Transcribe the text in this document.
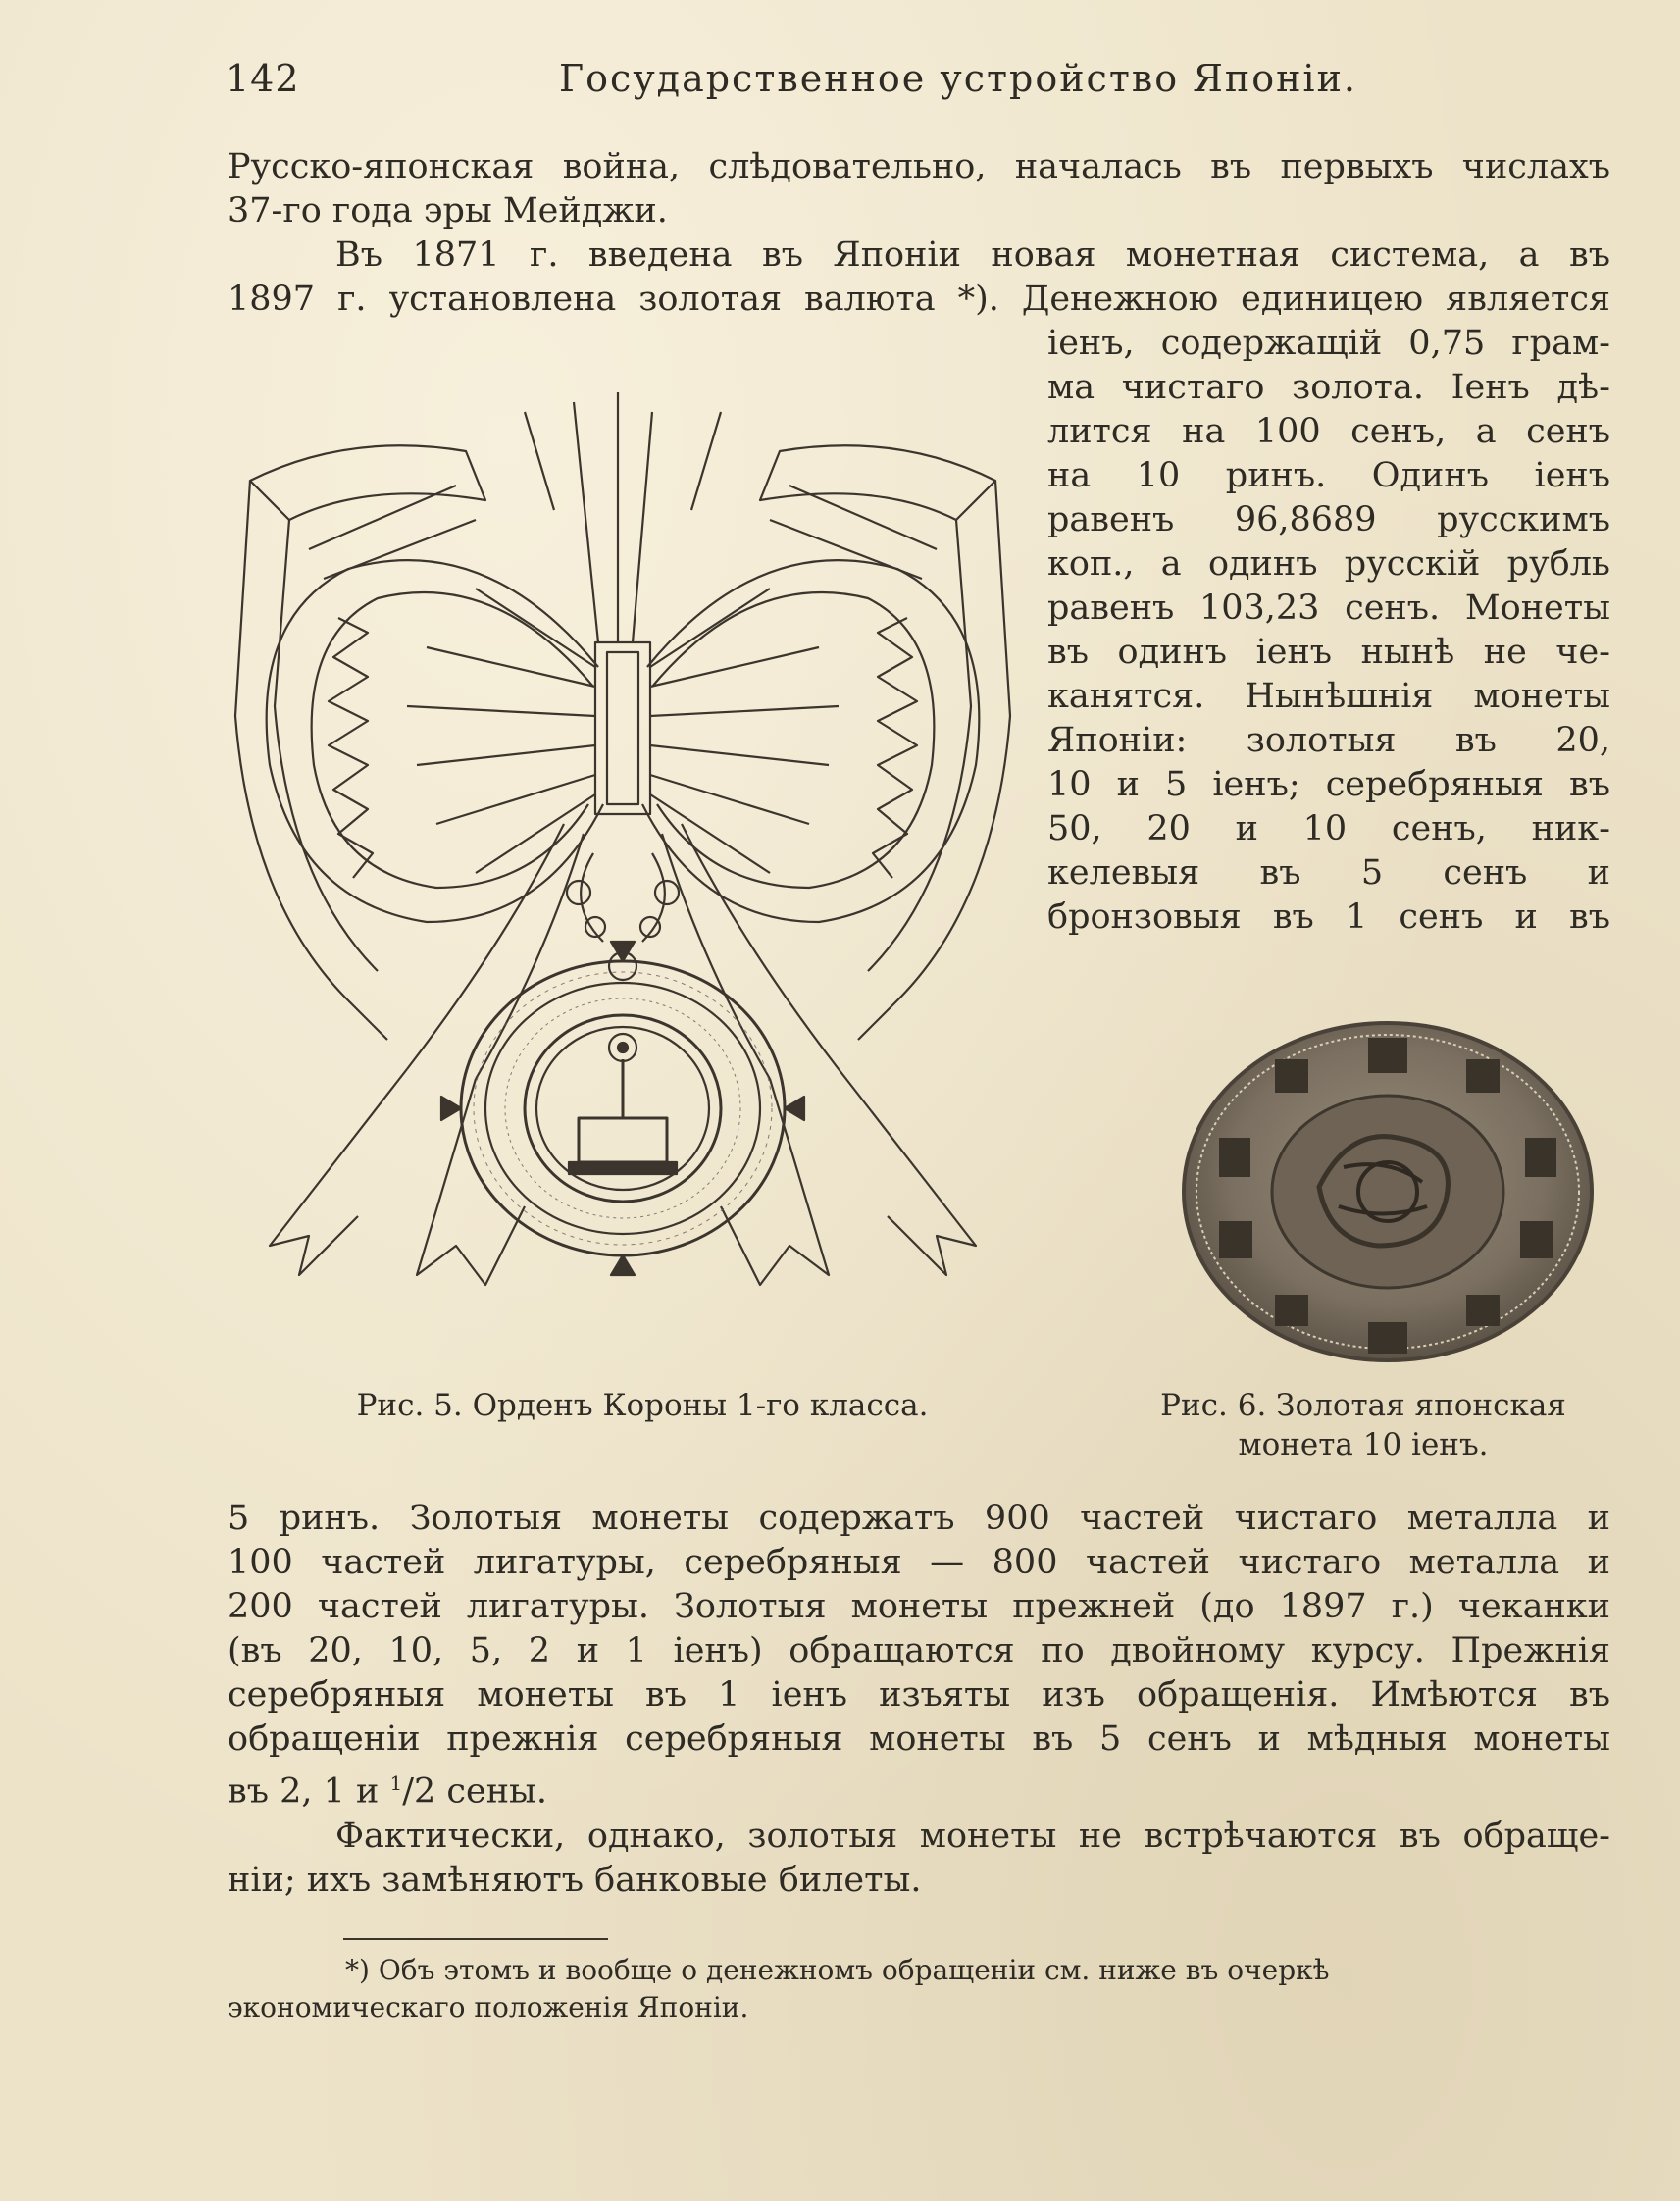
142	Государственное устройство Японіи.
Русско-японская война, слѣдовательно, началась въ первыхъ числахъ
37-го года эры Мейджи.
Въ 1871 г. введена въ Японіи новая монетная система, а въ
1897 г. установлена золотая валюта *). Денежною единицею является
іенъ, содержащій 0,75 грам-
ма чистаго золота. Іенъ дѣ-
лится на 100 сенъ, а сенъ
на 10 ринъ. Одинъ іенъ
равенъ 96,8689 русскимъ
коп., а одинъ русскій рубль
равенъ 103,23 сенъ. Монеты
въ одинъ іенъ нынѣ не че-
канятся. Нынѣшнія монеты
Японіи: золотыя въ 20,
10 и 5 іенъ; серебряныя въ
50, 20 и 10 сенъ, ник-
келевыя въ 5 сенъ и
бронзовыя въ 1 сенъ и въ
Рис. 5. Орденъ Короны 1-го класса.	Рис. 6. Золотая японская
монета 10 іенъ.
5 ринъ. Золотыя монеты содержатъ 900 частей чистаго металла и
100 частей лигатуры, серебряныя — 800 частей чистаго металла и
200 частей лигатуры. Золотыя монеты прежней (до 1897 г.) чеканки
(въ 20, 10, 5, 2 и 1 іенъ) обращаются по двойному курсу. Прежнія
серебряныя монеты въ 1 іенъ изъяты изъ обращенія. Имѣются въ
обращеніи прежнія серебряныя монеты въ 5 сенъ и мѣдныя монеты
въ 2, 1 и $^1$/2 сены.
Фактически, однако, золотыя монеты не встрѣчаются въ обраще-
ніи; ихъ замѣняютъ банковые билеты.
*) Объ этомъ и вообще о денежномъ обращеніи см. ниже въ очеркѣ
экономическаго положенія Японіи.
